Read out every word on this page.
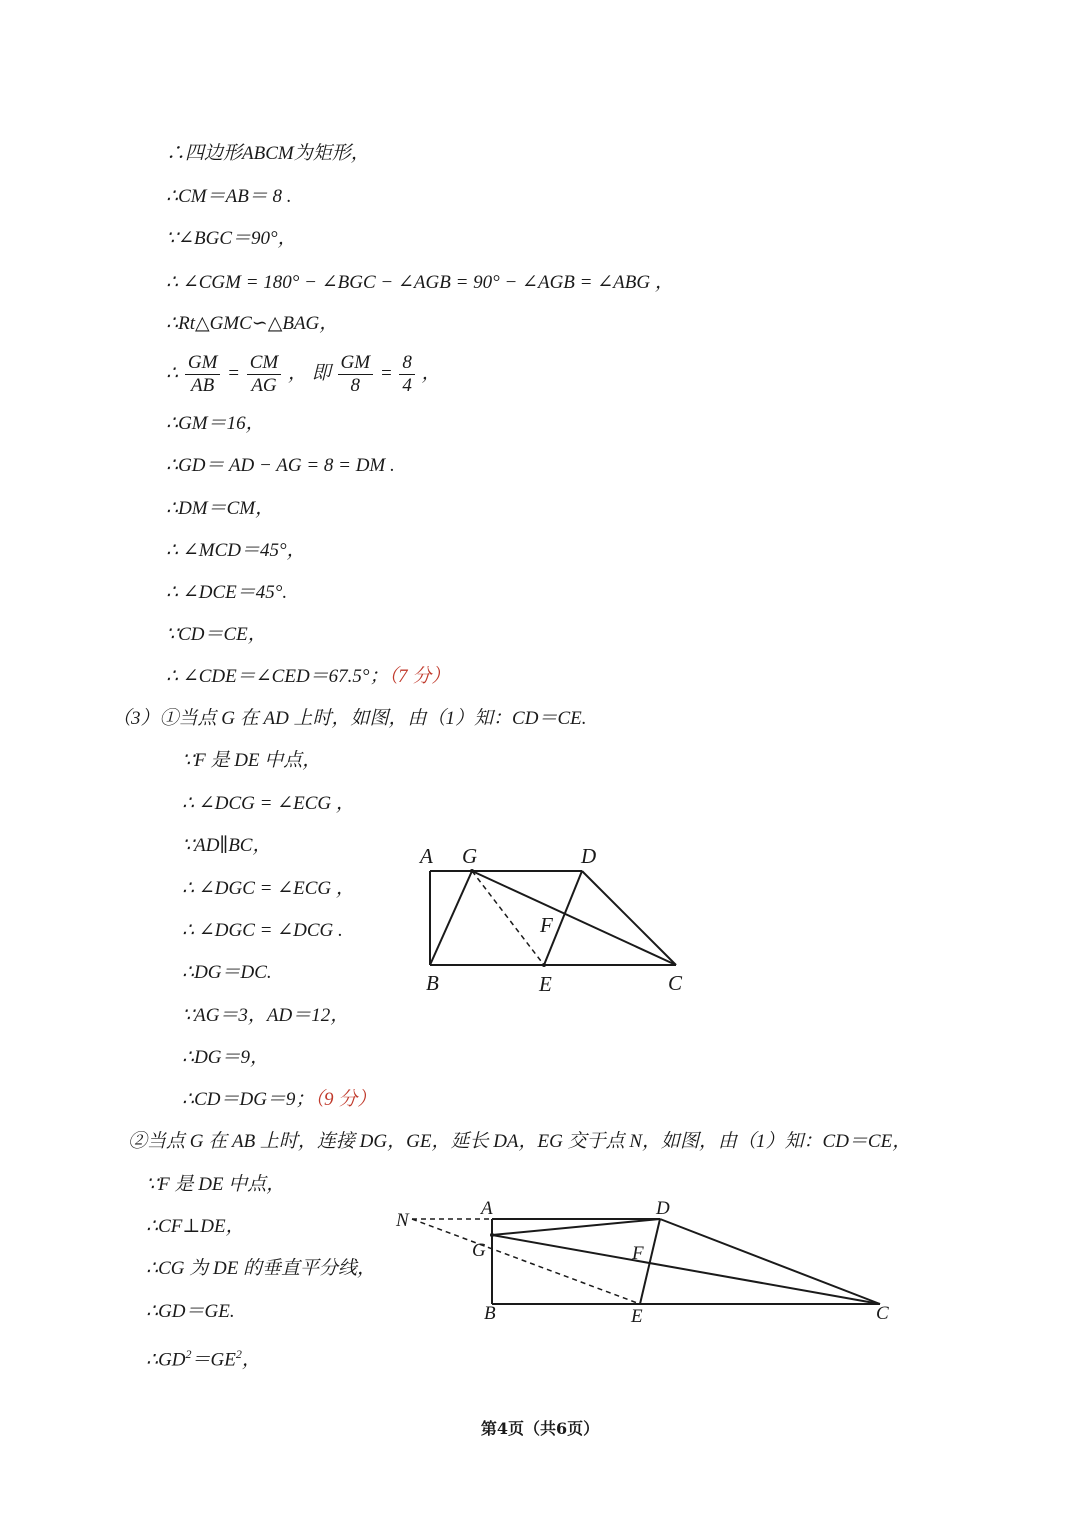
∴四边形ABCM为矩形，
∴CM＝AB＝ 8 .
∵∠BGC＝90°，
∴ ∠CGM = 180° − ∠BGC − ∠AGB = 90° − ∠AGB = ∠ABG ，
∴Rt△GMC∽△BAG，
∴ $\frac{GM}{AB} = \frac{CM}{AG}$ ， 即 $\frac{GM}{8} = \frac{8}{4}$ ，
∴GM＝16，
∴GD＝ AD − AG = 8 = DM .
∴DM＝CM，
∴ ∠MCD＝45°，
∴ ∠DCE＝45°.
∵CD＝CE，
∴ ∠CDE＝∠CED＝67.5°；（7 分）
（3）①当点 G 在 AD 上时，如图，由（1）知：CD＝CE.
∵F 是 DE 中点，
∴ ∠DCG = ∠ECG ，
∵AD∥BC，
∴ ∠DGC = ∠ECG ，
∴ ∠DGC = ∠DCG .
∴DG＝DC.
∵AG＝3，AD＝12，
∴DG＝9，
∴CD＝DG＝9；（9 分）
②当点 G 在 AB 上时，连接 DG，GE，延长 DA，EG 交于点 N，如图，由（1）知：CD＝CE，
∵F 是 DE 中点，
∴CF⊥DE，
∴CG 为 DE 的垂直平分线，
∴GD＝GE.
$\therefore GD^2=GE^2$，
A G	D
F
B	E	C
N
A	D
G	F
B	E	C
第4页（共6页）
